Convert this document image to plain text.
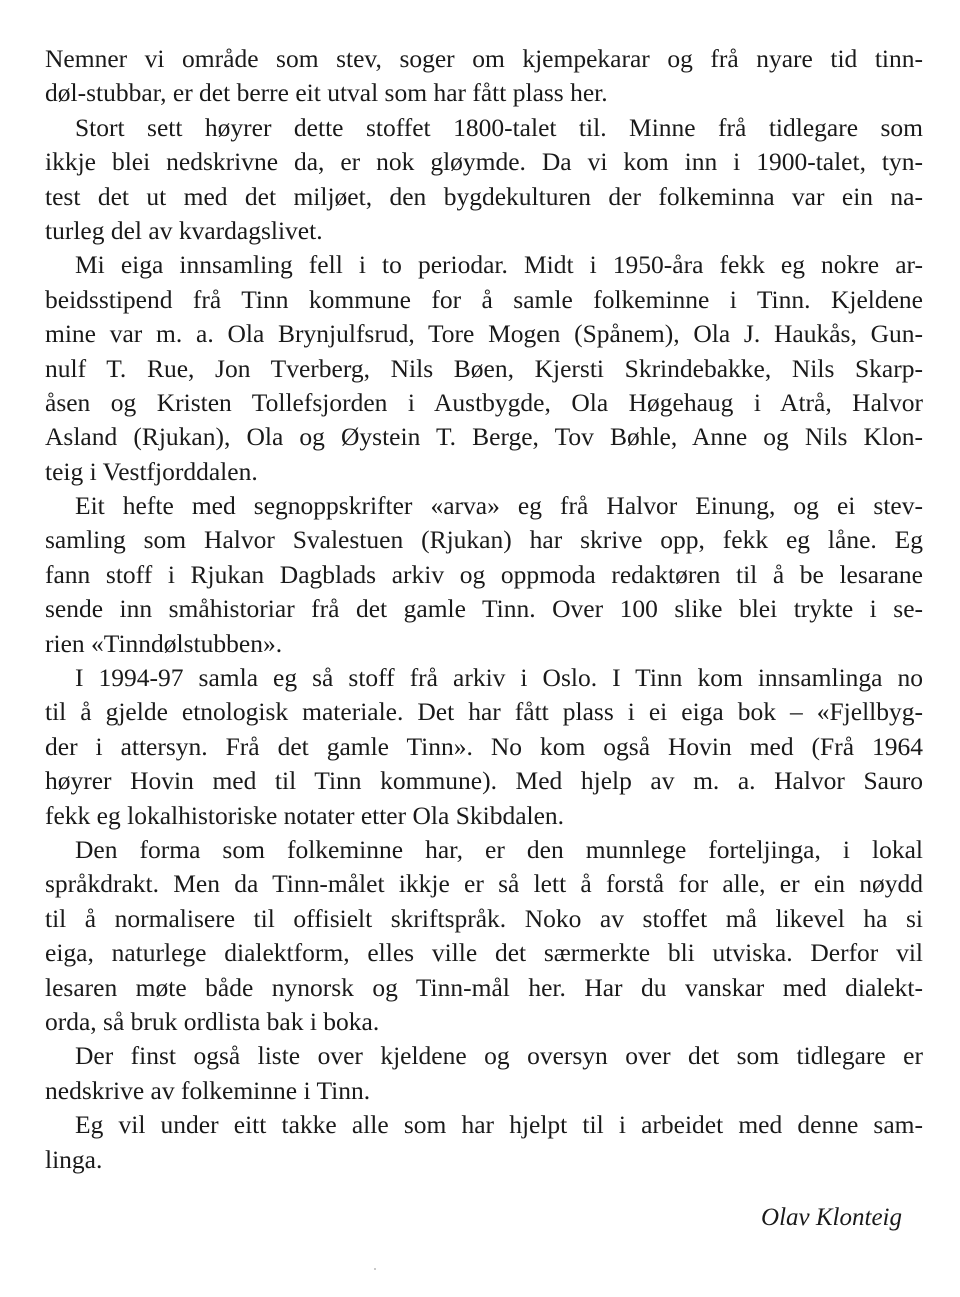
Nemner vi område som stev, soger om kjempekarar og frå nyare tid tinn-
døl-stubbar, er det berre eit utval som har fått plass her.
Stort sett høyrer dette stoffet 1800-talet til. Minne frå tidlegare som
ikkje blei nedskrivne da, er nok gløymde. Da vi kom inn i 1900-talet, tyn-
test det ut med det miljøet, den bygdekulturen der folkeminna var ein na-
turleg del av kvardagslivet.
Mi eiga innsamling fell i to periodar. Midt i 1950-åra fekk eg nokre ar-
beidsstipend frå Tinn kommune for å samle folkeminne i Tinn. Kjeldene
mine var m. a. Ola Brynjulfsrud, Tore Mogen (Spånem), Ola J. Haukås, Gun-
nulf T. Rue, Jon Tverberg, Nils Bøen, Kjersti Skrindebakke, Nils Skarp-
åsen og Kristen Tollefsjorden i Austbygde, Ola Høgehaug i Atrå, Halvor
Asland (Rjukan), Ola og Øystein T. Berge, Tov Bøhle, Anne og Nils Klon-
teig i Vestfjorddalen.
Eit hefte med segnoppskrifter «arva» eg frå Halvor Einung, og ei stev-
samling som Halvor Svalestuen (Rjukan) har skrive opp, fekk eg låne. Eg
fann stoff i Rjukan Dagblads arkiv og oppmoda redaktøren til å be lesarane
sende inn småhistoriar frå det gamle Tinn. Over 100 slike blei trykte i se-
rien «Tinndølstubben».
I 1994-97 samla eg så stoff frå arkiv i Oslo. I Tinn kom innsamlinga no
til å gjelde etnologisk materiale. Det har fått plass i ei eiga bok – «Fjellbyg-
der i attersyn. Frå det gamle Tinn». No kom også Hovin med (Frå 1964
høyrer Hovin med til Tinn kommune). Med hjelp av m. a. Halvor Sauro
fekk eg lokalhistoriske notater etter Ola Skibdalen.
Den forma som folkeminne har, er den munnlege forteljinga, i lokal
språkdrakt. Men da Tinn-målet ikkje er så lett å forstå for alle, er ein nøydd
til å normalisere til offisielt skriftspråk. Noko av stoffet må likevel ha si
eiga, naturlege dialektform, elles ville det særmerkte bli utviska. Derfor vil
lesaren møte både nynorsk og Tinn-mål her. Har du vanskar med dialekt-
orda, så bruk ordlista bak i boka.
Der finst også liste over kjeldene og oversyn over det som tidlegare er
nedskrive av folkeminne i Tinn.
Eg vil under eitt takke alle som har hjelpt til i arbeidet med denne sam-
linga.
Olav Klonteig
